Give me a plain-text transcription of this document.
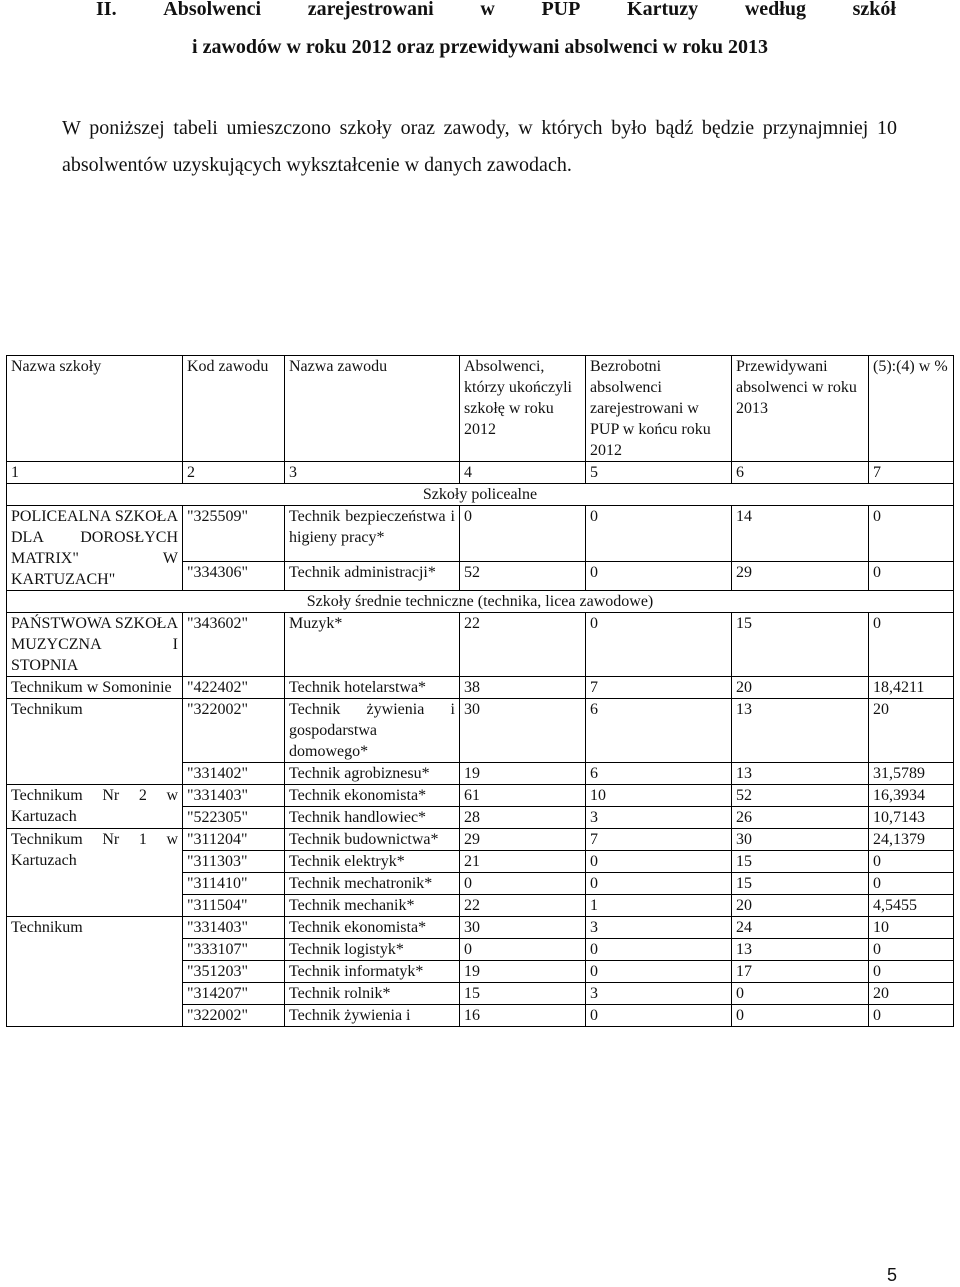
II. Absolwenci zarejestrowani w PUP Kartuzy według szkół
i zawodów w roku 2012 oraz przewidywani absolwenci w roku 2013
W poniższej tabeli umieszczono szkoły oraz zawody, w których było bądź będzie przynajmniej 10 absolwentów uzyskujących wykształcenie w danych zawodach.
Nazwa szkoły	Kod zawodu	Nazwa zawodu	Absolwenci, którzy ukończyli szkołę w roku 2012	Bezrobotni absolwenci zarejestrowani w PUP w końcu roku 2012	Przewidywani absolwenci w roku 2013	(5):(4) w %
1	2	3	4	5	6	7
Szkoły policealne						
POLICEALNA SZKOŁA DLA DOROSŁYCH MATRIX" W KARTUZACH"	"325509"	Technik bezpieczeństwa i higieny pracy*	0	0	14	0
	"334306"	Technik administracji*	52	0	29	0
Szkoły średnie techniczne (technika, licea zawodowe)						
PAŃSTWOWA SZKOŁA MUZYCZNA I STOPNIA	"343602"	Muzyk*	22	0	15	0
Technikum w Somoninie	"422402"	Technik hotelarstwa*	38	7	20	18,4211
Technikum	"322002"	Technik żywienia i gospodarstwa domowego*	30	6	13	20
	"331402"	Technik agrobiznesu*	19	6	13	31,5789
Technikum Nr 2 w Kartuzach	"331403"	Technik ekonomista*	61	10	52	16,3934
	"522305"	Technik handlowiec*	28	3	26	10,7143
Technikum Nr 1 w Kartuzach	"311204"	Technik budownictwa*	29	7	30	24,1379
	"311303"	Technik elektryk*	21	0	15	0
	"311410"	Technik mechatronik*	0	0	15	0
	"311504"	Technik mechanik*	22	1	20	4,5455
Technikum	"331403"	Technik ekonomista*	30	3	24	10
	"333107"	Technik logistyk*	0	0	13	0
	"351203"	Technik informatyk*	19	0	17	0
	"314207"	Technik rolnik*	15	3	0	20
	"322002"	Technik żywienia i	16	0	0	0
5
